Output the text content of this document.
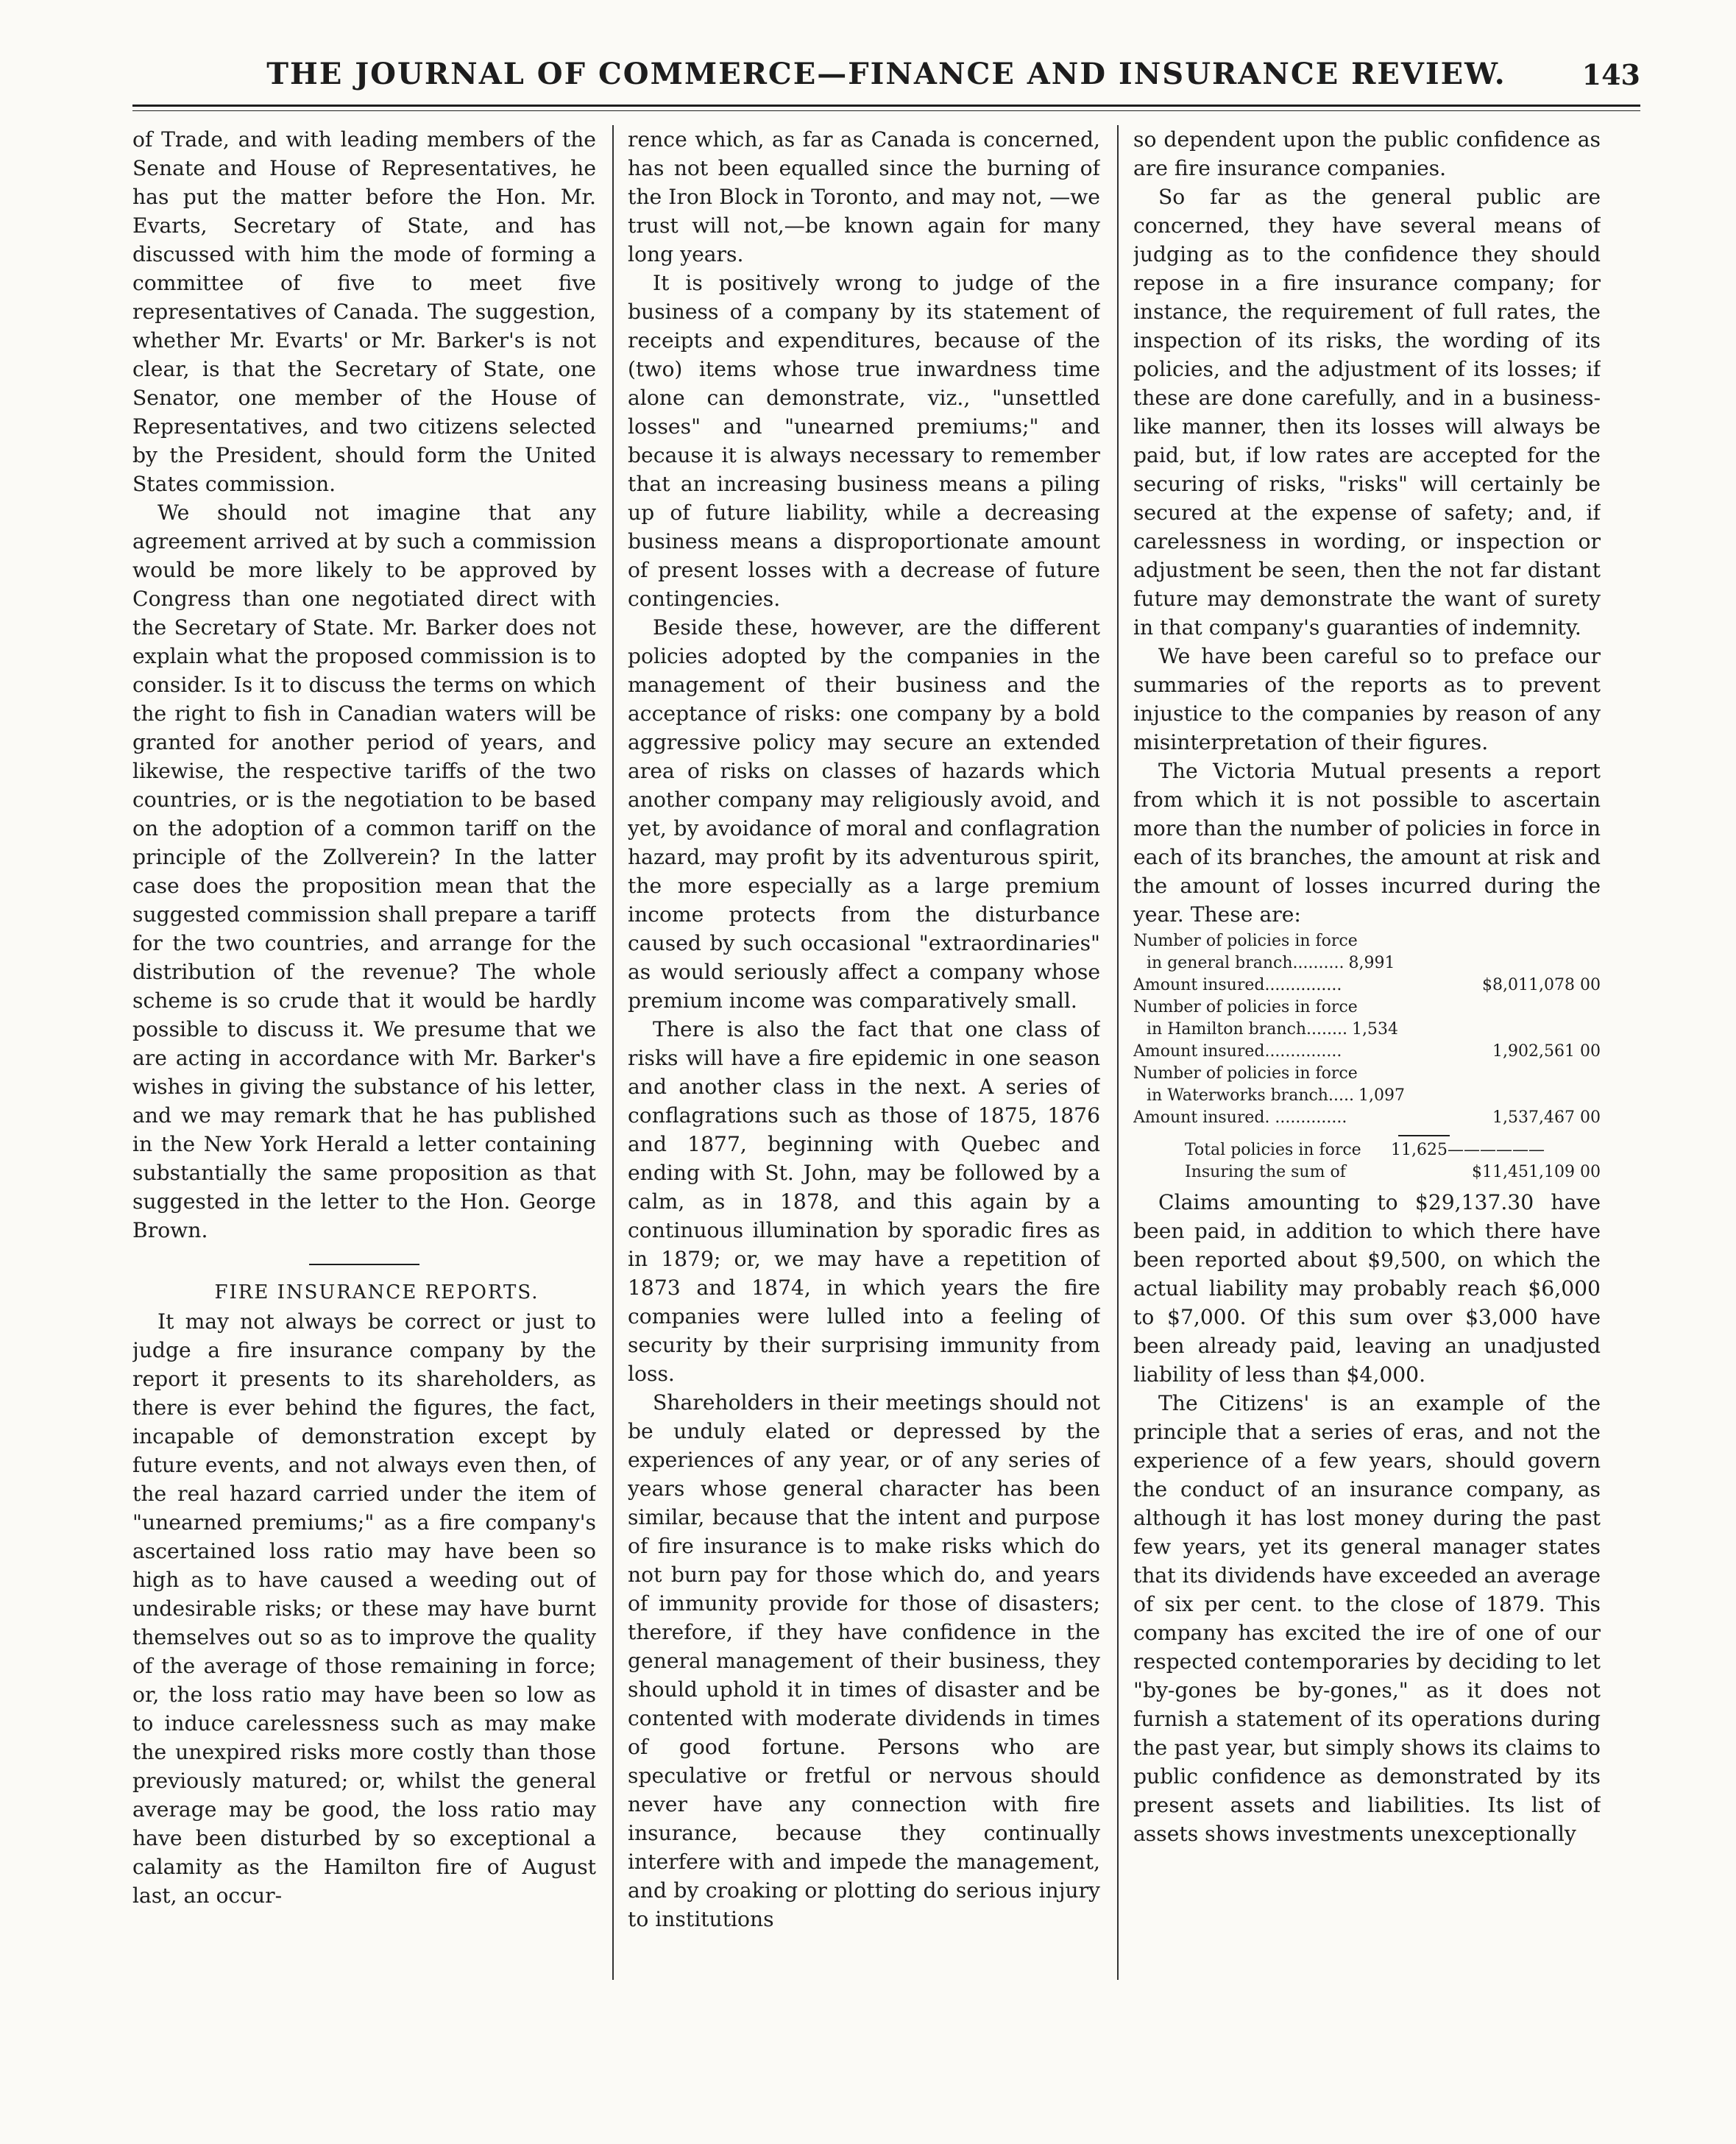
THE JOURNAL OF COMMERCE—FINANCE AND INSURANCE REVIEW.	143

of Trade, and with leading members of the Senate and House of Representatives, he has put the matter before the Hon. Mr. Evarts, Secretary of State, and has discussed with him the mode of forming a committee of five to meet five representatives of Canada. The suggestion, whether Mr. Evarts' or Mr. Barker's is not clear, is that the Secretary of State, one Senator, one member of the House of Representatives, and two citizens selected by the President, should form the United States commission.

We should not imagine that any agreement arrived at by such a commission would be more likely to be approved by Congress than one negotiated direct with the Secretary of State. Mr. Barker does not explain what the proposed commission is to consider. Is it to discuss the terms on which the right to fish in Canadian waters will be granted for another period of years, and likewise, the respective tariffs of the two countries, or is the negotiation to be based on the adoption of a common tariff on the principle of the Zollverein? In the latter case does the proposition mean that the suggested commission shall prepare a tariff for the two countries, and arrange for the distribution of the revenue? The whole scheme is so crude that it would be hardly possible to discuss it. We presume that we are acting in accordance with Mr. Barker's wishes in giving the substance of his letter, and we may remark that he has published in the New York Herald a letter containing substantially the same proposition as that suggested in the letter to the Hon. George Brown.

FIRE INSURANCE REPORTS.

It may not always be correct or just to judge a fire insurance company by the report it presents to its shareholders, as there is ever behind the figures, the fact, incapable of demonstration except by future events, and not always even then, of the real hazard carried under the item of "unearned premiums;" as a fire company's ascertained loss ratio may have been so high as to have caused a weeding out of undesirable risks; or these may have burnt themselves out so as to improve the quality of the average of those remaining in force; or, the loss ratio may have been so low as to induce carelessness such as may make the unexpired risks more costly than those previously matured; or, whilst the general average may be good, the loss ratio may have been disturbed by so exceptional a calamity as the Hamilton fire of August last, an occur-

rence which, as far as Canada is concerned, has not been equalled since the burning of the Iron Block in Toronto, and may not, —we trust will not,—be known again for many long years.

It is positively wrong to judge of the business of a company by its statement of receipts and expenditures, because of the (two) items whose true inwardness time alone can demonstrate, viz., "unsettled losses" and "unearned premiums;" and because it is always necessary to remember that an increasing business means a piling up of future liability, while a decreasing business means a disproportionate amount of present losses with a decrease of future contingencies.

Beside these, however, are the different policies adopted by the companies in the management of their business and the acceptance of risks: one company by a bold aggressive policy may secure an extended area of risks on classes of hazards which another company may religiously avoid, and yet, by avoidance of moral and conflagration hazard, may profit by its adventurous spirit, the more especially as a large premium income protects from the disturbance caused by such occasional "extraordinaries" as would seriously affect a company whose premium income was comparatively small.

There is also the fact that one class of risks will have a fire epidemic in one season and another class in the next. A series of conflagrations such as those of 1875, 1876 and 1877, beginning with Quebec and ending with St. John, may be followed by a calm, as in 1878, and this again by a continuous illumination by sporadic fires as in 1879; or, we may have a repetition of 1873 and 1874, in which years the fire companies were lulled into a feeling of security by their surprising immunity from loss.

Shareholders in their meetings should not be unduly elated or depressed by the experiences of any year, or of any series of years whose general character has been similar, because that the intent and purpose of fire insurance is to make risks which do not burn pay for those which do, and years of immunity provide for those of disasters; therefore, if they have confidence in the general management of their business, they should uphold it in times of disaster and be contented with moderate dividends in times of good fortune. Persons who are speculative or fretful or nervous should never have any connection with fire insurance, because they continually interfere with and impede the management, and by croaking or plotting do serious injury to institutions

so dependent upon the public confidence as are fire insurance companies.

So far as the general public are concerned, they have several means of judging as to the confidence they should repose in a fire insurance company; for instance, the requirement of full rates, the inspection of its risks, the wording of its policies, and the adjustment of its losses; if these are done carefully, and in a business-like manner, then its losses will always be paid, but, if low rates are accepted for the securing of risks, "risks" will certainly be secured at the expense of safety; and, if carelessness in wording, or inspection or adjustment be seen, then the not far distant future may demonstrate the want of surety in that company's guaranties of indemnity.

We have been careful so to preface our summaries of the reports as to prevent injustice to the companies by reason of any misinterpretation of their figures.

The Victoria Mutual presents a report from which it is not possible to ascertain more than the number of policies in force in each of its branches, the amount at risk and the amount of losses incurred during the year. These are:

Number of policies in force
in general branch.......... 8,991
Amount insured...............	$8,011,078 00
Number of policies in force
in Hamilton branch........ 1,534
Amount insured...............	1,902,561 00
Number of policies in force
in Waterworks branch..... 1,097
Amount insured. ..............	1,537,467 00
Total policies in force	11,625——————
Insuring the sum of	$11,451,109 00

Claims amounting to $29,137.30 have been paid, in addition to which there have been reported about $9,500, on which the actual liability may probably reach $6,000 to $7,000. Of this sum over $3,000 have been already paid, leaving an unadjusted liability of less than $4,000.

The Citizens' is an example of the principle that a series of eras, and not the experience of a few years, should govern the conduct of an insurance company, as although it has lost money during the past few years, yet its general manager states that its dividends have exceeded an average of six per cent. to the close of 1879. This company has excited the ire of one of our respected contemporaries by deciding to let "by-gones be by-gones," as it does not furnish a statement of its operations during the past year, but simply shows its claims to public confidence as demonstrated by its present assets and liabilities. Its list of assets shows investments unexceptionally
